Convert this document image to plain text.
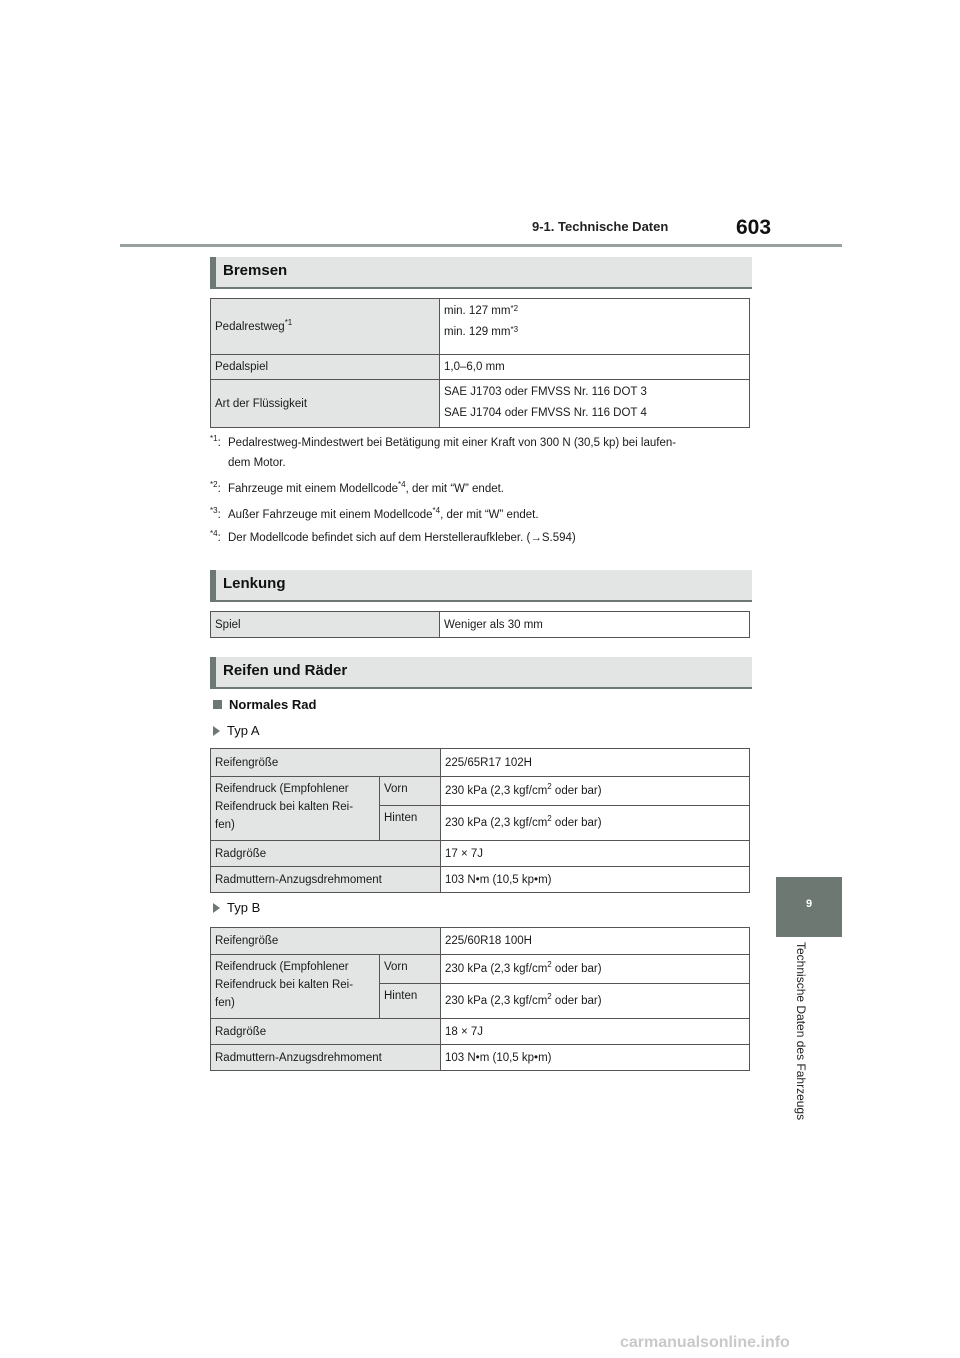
9-1. Technische Daten	603
9
Technische Daten des Fahrzeugs
Bremsen
Pedalrestweg$^{*1}$	min. 127 $mm^{*2}$
min. 129 $mm^{*3}$

Pedalspiel	1,0–6,0 mm
Art der Flüssigkeit	SAE J1703 oder FMVSS Nr. 116 DOT 3
SAE J1704 oder FMVSS Nr. 116 DOT 4
$^{*1}$: Pedalrestweg-Mindestwert bei Betätigung mit einer Kraft von 300 N (30,5 kp) bei laufen-
dem Motor.
$^{*2}$: Fahrzeuge mit einem Modellcode$^{*4}$, der mit “W” endet.
$^{*3}$: Außer Fahrzeuge mit einem Modellcode$^{*4}$, der mit “W” endet.
$^{*4}$: Der Modellcode befindet sich auf dem Herstelleraufkleber. (→S.594)
Lenkung
Spiel	Weniger als 30 mm
Reifen und Räder
Normales Rad
Typ A
Reifengröße		225/65R17 102H

Reifendruck (Empfohlener
Reifendruck bei kalten Rei-
fen)	Vorn	230 kPa (2,3 kgf/$cm^2$ oder bar)
	Hinten	230 kPa (2,3 kgf/$cm^2$ oder bar)
Radgröße		17 × 7J
Radmuttern-Anzugsdrehmoment		103 N•m (10,5 kp•m)
Typ B
Reifengröße		225/60R18 100H

Reifendruck (Empfohlener
Reifendruck bei kalten Rei-
fen)	Vorn	230 kPa (2,3 kgf/$cm^2$ oder bar)
	Hinten	230 kPa (2,3 kgf/$cm^2$ oder bar)
Radgröße		18 × 7J
Radmuttern-Anzugsdrehmoment		103 N•m (10,5 kp•m)
carmanualsonline.info
